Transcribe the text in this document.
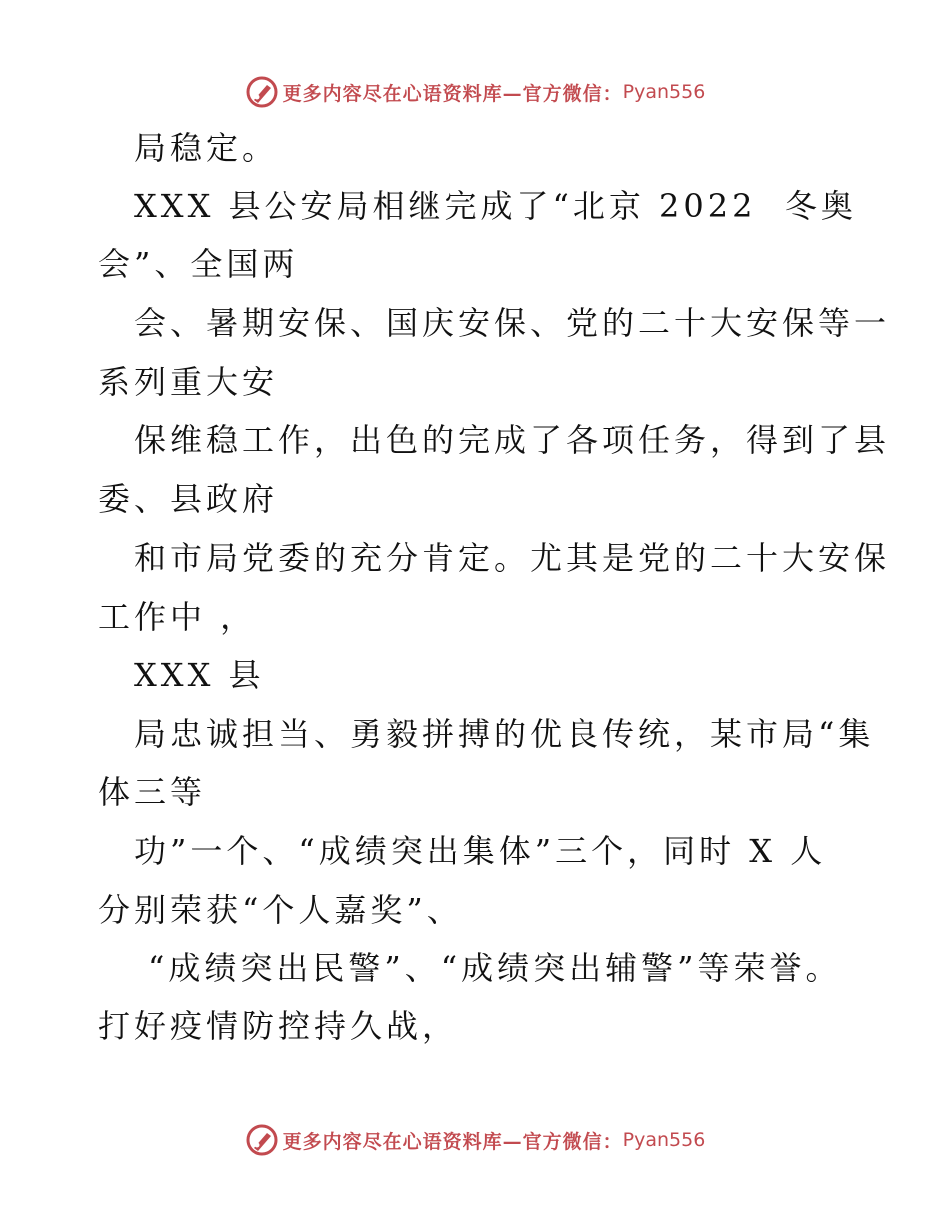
更多内容尽在心语资料库—官方微信： Pyan556
局稳定。
XXX 县公安局相继完成了“北京 2022  冬奥
会”、全国两
会、暑期安保、国庆安保、党的二十大安保等一
系列重大安
保维稳工作，出色的完成了各项任务，得到了县
委、县政府
和市局党委的充分肯定。尤其是党的二十大安保
工作中 ，
XXX 县
局忠诚担当、勇毅拼搏的优良传统，某市局“集
体三等
功”一个、“成绩突出集体”三个，同时 X 人
分别荣获“个人嘉奖”、
“成绩突出民警”、“成绩突出辅警”等荣誉。
打好疫情防控持久战，
更多内容尽在心语资料库—官方微信： Pyan556
